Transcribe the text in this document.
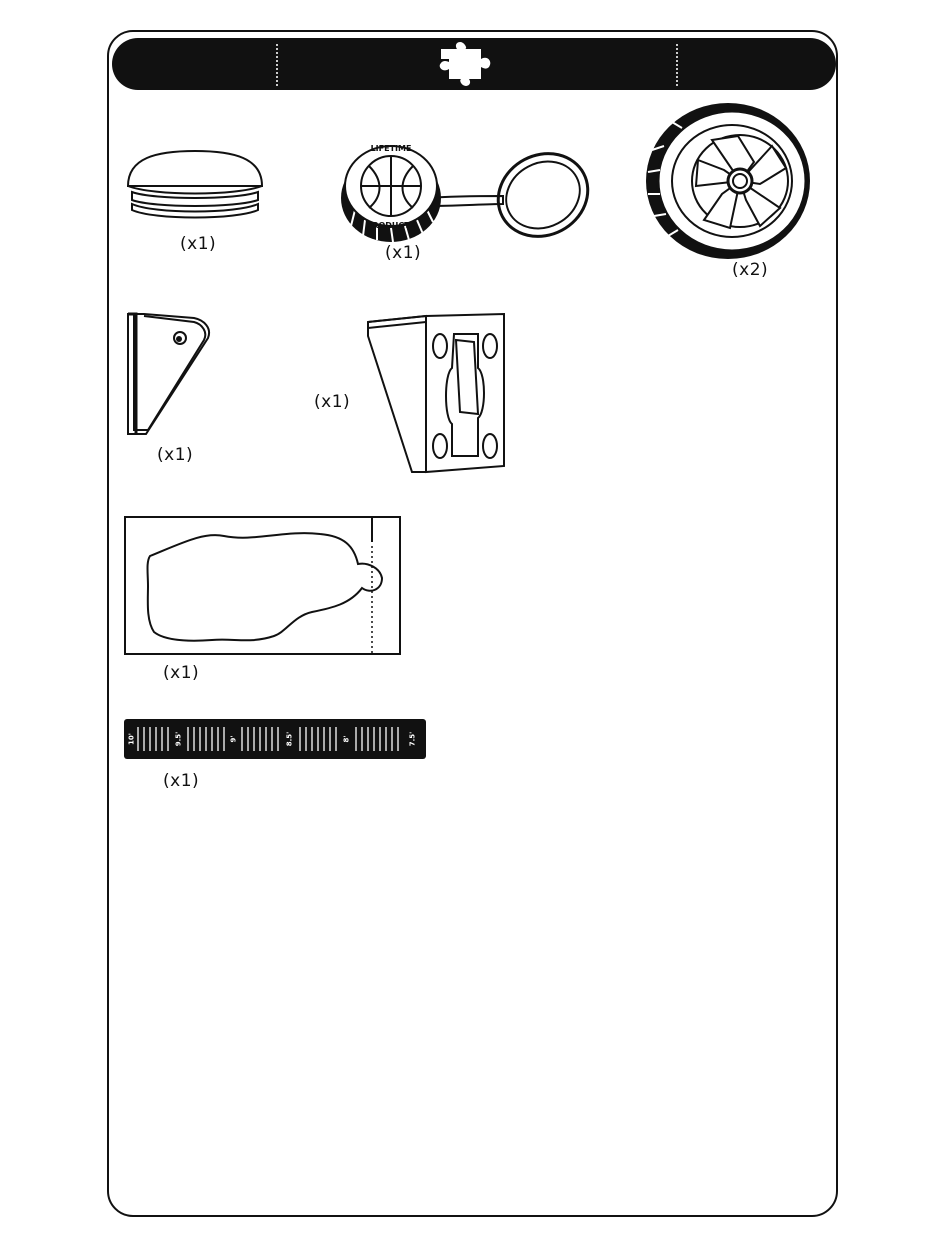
(x1)
LIFETIME
PRODUCTS
(x1)
(x2)
(x1)
(x1)
(x1)
10'	9.5'	9'	8.5'	8'	7.5'
(x1)
